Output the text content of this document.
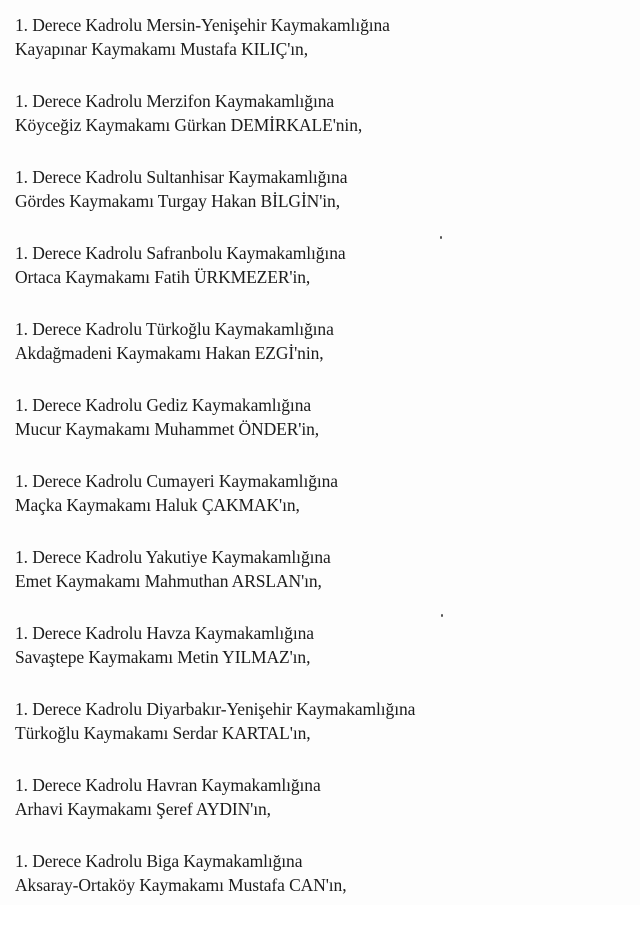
1. Derece Kadrolu Mersin-Yenişehir Kaymakamlığına
Kayapınar Kaymakamı Mustafa KILIÇ'ın,
1. Derece Kadrolu Merzifon Kaymakamlığına
Köyceğiz Kaymakamı Gürkan DEMİRKALE'nin,
1. Derece Kadrolu Sultanhisar Kaymakamlığına
Gördes Kaymakamı Turgay Hakan BİLGİN'in,
1. Derece Kadrolu Safranbolu Kaymakamlığına
Ortaca Kaymakamı Fatih ÜRKMEZER'in,
1. Derece Kadrolu Türkoğlu Kaymakamlığına
Akdağmadeni Kaymakamı Hakan EZGİ'nin,
1. Derece Kadrolu Gediz Kaymakamlığına
Mucur Kaymakamı Muhammet ÖNDER'in,
1. Derece Kadrolu Cumayeri Kaymakamlığına
Maçka Kaymakamı Haluk ÇAKMAK'ın,
1. Derece Kadrolu Yakutiye Kaymakamlığına
Emet Kaymakamı Mahmuthan ARSLAN'ın,
1. Derece Kadrolu Havza Kaymakamlığına
Savaştepe Kaymakamı Metin YILMAZ'ın,
1. Derece Kadrolu Diyarbakır-Yenişehir Kaymakamlığına
Türkoğlu Kaymakamı Serdar KARTAL'ın,
1. Derece Kadrolu Havran Kaymakamlığına
Arhavi Kaymakamı Şeref AYDIN'ın,
1. Derece Kadrolu Biga Kaymakamlığına
Aksaray-Ortaköy Kaymakamı Mustafa CAN'ın,
